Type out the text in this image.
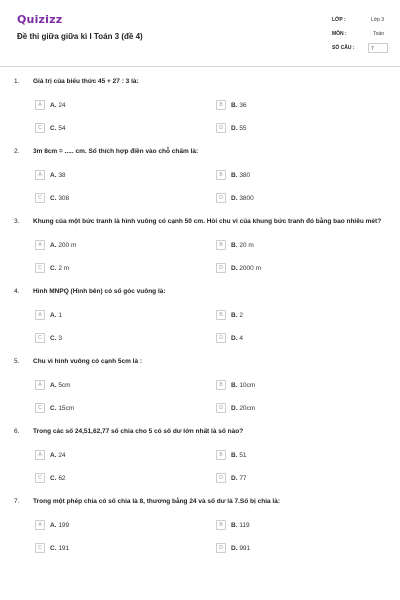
Quizizz
Đề thi giữa giữa kì I Toán 3 (đề 4)
LỚP :	Lớp 3
MÔN :	Toán
SỐ CÂU :	7
1. Giá trị của biểu thức 45 + 27 : 3 là:
A	A. 24	B	B. 36
C	C. 54	D	D. 55
2. 3m 8cm = ..... cm. Số thích hợp điền vào chỗ chấm là:
A	A. 38	B	B. 380
C	C. 308	D	D. 3800
3. Khung của một bức tranh là hình vuông có cạnh 50 cm. Hỏi chu vi của khung bức tranh đó bằng bao nhiêu mét?
A	A. 200 m	B	B. 20 m
C	C. 2 m	D	D. 2000 m
4. Hình MNPQ (Hình bên) có số góc vuông là:
A	A. 1	B	B. 2
C	C. 3	D	D. 4
5. Chu vi hình vuông có cạnh 5cm là :
A	A. 5cm	B	B. 10cm
C	C. 15cm	D	D. 20cm
6. Trong các số 24,51,62,77 số chia cho 5 có số dư lớn nhất là số nào?
A	A. 24	B	B. 51
C	C. 62	D	D. 77
7. Trong một phép chia có số chia là 8, thương bằng 24 và số dư là 7.Số bị chia là:
A	A. 199	B	B. 119
C	C. 191	D	D. 991
